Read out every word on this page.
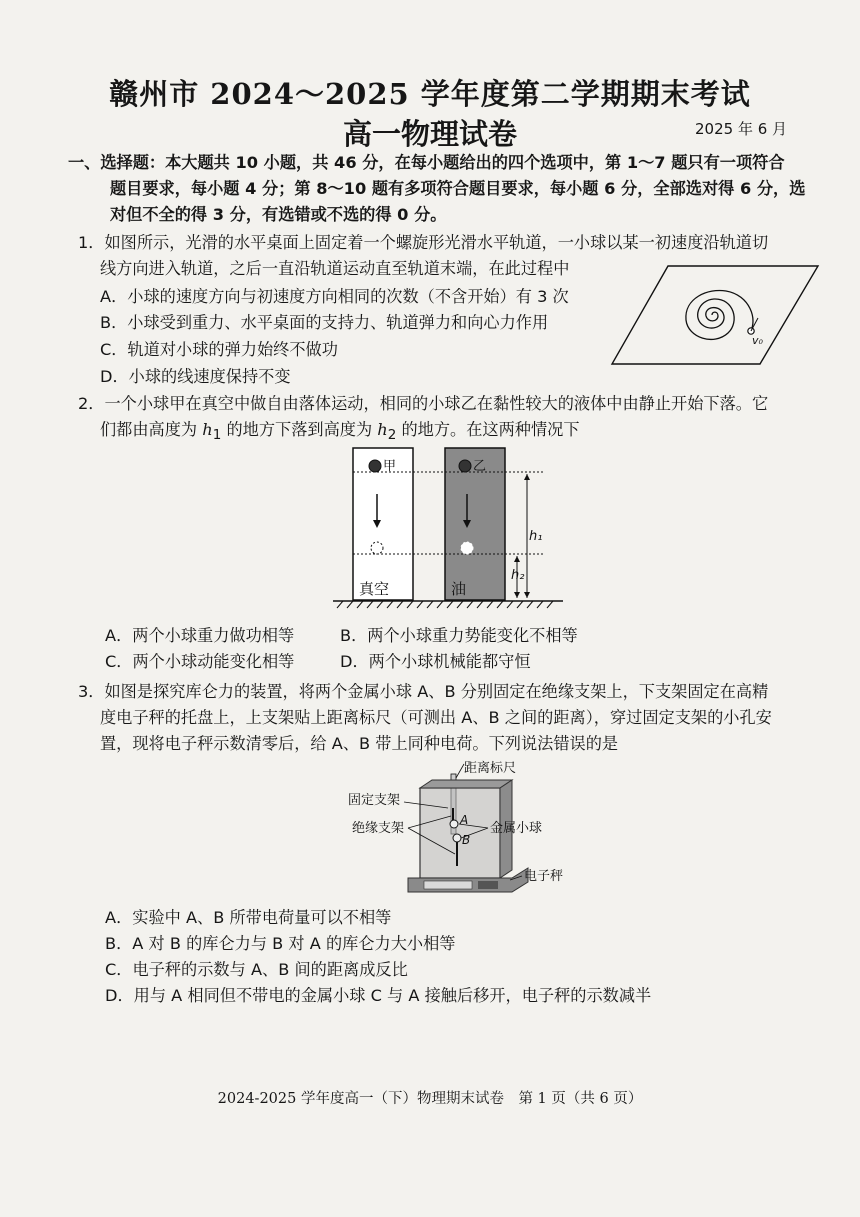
赣州市 2024～2025 学年度第二学期期末考试
高一物理试卷	2025 年 6 月
一、选择题：本大题共 10 小题，共 46 分，在每小题给出的四个选项中，第 1～7 题只有一项符合
题目要求，每小题 4 分；第 8～10 题有多项符合题目要求，每小题 6 分，全部选对得 6 分，选
对但不全的得 3 分，有选错或不选的得 0 分。
1．如图所示，光滑的水平桌面上固定着一个螺旋形光滑水平轨道，一小球以某一初速度沿轨道切
线方向进入轨道，之后一直沿轨道运动直至轨道末端，在此过程中
A．小球的速度方向与初速度方向相同的次数（不含开始）有 3 次
B．小球受到重力、水平桌面的支持力、轨道弹力和向心力作用
C．轨道对小球的弹力始终不做功
D．小球的线速度保持不变
v₀
2．一个小球甲在真空中做自由落体运动，相同的小球乙在黏性较大的液体中由静止开始下落。它
们都由高度为 $h_1$ 的地方下落到高度为 $h_2$ 的地方。在这两种情况下
甲	乙
h₁
h₂
真空	油
A．两个小球重力做功相等	B．两个小球重力势能变化不相等
C．两个小球动能变化相等	D．两个小球机械能都守恒
3．如图是探究库仑力的装置，将两个金属小球 A、B 分别固定在绝缘支架上，下支架固定在高精
度电子秤的托盘上，上支架贴上距离标尺（可测出 A、B 之间的距离），穿过固定支架的小孔安
置，现将电子秤示数清零后，给 A、B 带上同种电荷。下列说法错误的是
距离标尺
A
B
固定支架
绝缘支架	金属小球
电子秤
A．实验中 A、B 所带电荷量可以不相等
B．A 对 B 的库仑力与 B 对 A 的库仑力大小相等
C．电子秤的示数与 A、B 间的距离成反比
D．用与 A 相同但不带电的金属小球 C 与 A 接触后移开，电子秤的示数减半
2024-2025 学年度高一（下）物理期末试卷　第 1 页（共 6 页）
